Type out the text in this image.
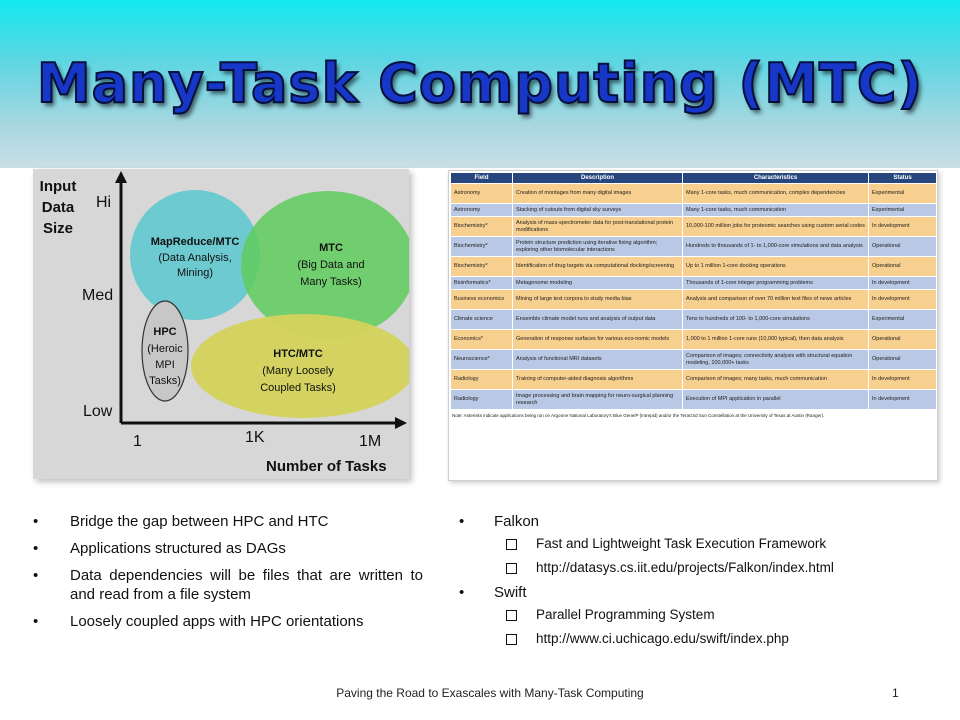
Many-Task Computing (MTC)
Input
Data
Size
Hi
Med
Low
1	1K	1M
Number of Tasks
MapReduce/MTC
(Data Analysis,
Mining)
MTC
(Big Data and
Many Tasks)
HTC/MTC
(Many Loosely
Coupled Tasks)
HPC
(Heroic
MPI
Tasks)
Field	Description	Characteristics	Status
Astronomy	Creation of montages from many digital images	Many 1-core tasks, much communication, complex dependencies	Experimental
Astronomy	Stacking of cutouts from digital sky surveys	Many 1-core tasks, much communication	Experimental
Biochemistry*	Analysis of mass-spectrometer data for post-translational protein modifications	10,000-100 million jobs for proteomic searches using custom serial codes	In development
Biochemistry*	Protein structure prediction using iterative fixing algorithm; exploring other biomolecular interactions	Hundreds to thousands of 1- to 1,000-core simulations and data analysis	Operational
Biochemistry*	Identification of drug targets via computational docking/screening	Up to 1 million 1-core docking operations	Operational
Bioinformatics*	Metagenome modeling	Thousands of 1-core integer programming problems	In development
Business economics	Mining of large text corpora to study media bias	Analysis and comparison of over 70 million text files of news articles	In development
Climate science	Ensemble climate model runs and analysis of output data	Tens to hundreds of 100- to 1,000-core simulations	Experimental
Economics*	Generation of response surfaces for various eco-nomic models	1,000 to 1 million 1-core runs (10,000 typical), then data analysis	Operational
Neuroscience*	Analysis of functional MRI datasets	Comparison of images; connectivity analysis with structural equation modeling, 100,000+ tasks	Operational
Radiology	Training of computer-aided diagnosis algorithms	Comparison of images; many tasks, much communication	In development
Radiology	Image processing and brain mapping for neuro-surgical planning research	Execution of MPI application in parallel	In development
Note: Asterisks indicate applications being run on Argonne National Laboratory's Blue Gene/P (Intrepid) and/or the TeraGrid Sun Constellation at the University of Texas at Austin (Ranger).
• Bridge the gap between HPC and HTC
• Applications structured as DAGs
• Data dependencies will be files that are written to and read from a file system
• Loosely coupled apps with HPC orientations
• Falkon
Fast and Lightweight Task Execution Framework
http://datasys.cs.iit.edu/projects/Falkon/index.html
• Swift
Parallel Programming System
http://www.ci.uchicago.edu/swift/index.php
Paving the Road to Exascales with Many-Task Computing	1
